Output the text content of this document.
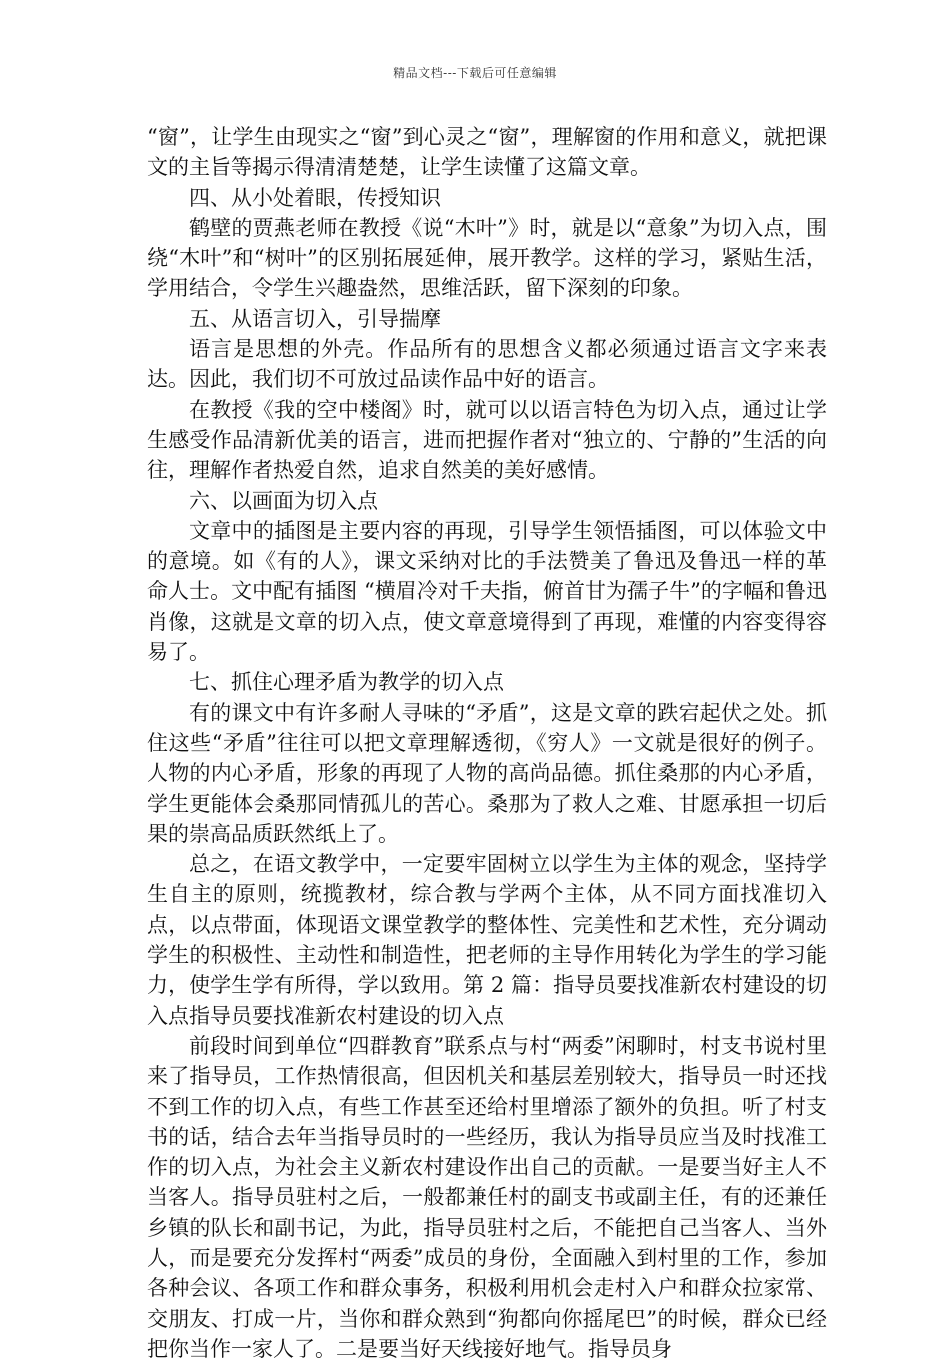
精品文档---下载后可任意编辑

“窗”，让学生由现实之“窗”到心灵之“窗”，理解窗的作用和意义，就把课文的主旨等揭示得清清楚楚，让学生读懂了这篇文章。

四、从小处着眼，传授知识

鹤壁的贾燕老师在教授《说“木叶”》时，就是以“意象”为切入点，围绕“木叶”和“树叶”的区别拓展延伸，展开教学。这样的学习，紧贴生活，学用结合，令学生兴趣盎然，思维活跃，留下深刻的印象。

五、从语言切入，引导揣摩

语言是思想的外壳。作品所有的思想含义都必须通过语言文字来表达。因此，我们切不可放过品读作品中好的语言。

在教授《我的空中楼阁》时，就可以以语言特色为切入点，通过让学生感受作品清新优美的语言，进而把握作者对“独立的、宁静的”生活的向往，理解作者热爱自然，追求自然美的美好感情。

六、以画面为切入点

文章中的插图是主要内容的再现，引导学生领悟插图，可以体验文中的意境。如《有的人》，课文采纳对比的手法赞美了鲁迅及鲁迅一样的革命人士。文中配有插图 “横眉冷对千夫指，俯首甘为孺子牛”的字幅和鲁迅肖像，这就是文章的切入点，使文章意境得到了再现，难懂的内容变得容易了。

七、抓住心理矛盾为教学的切入点

有的课文中有许多耐人寻味的“矛盾”，这是文章的跌宕起伏之处。抓住这些“矛盾”往往可以把文章理解透彻，《穷人》一文就是很好的例子。人物的内心矛盾，形象的再现了人物的高尚品德。抓住桑那的内心矛盾，学生更能体会桑那同情孤儿的苦心。桑那为了救人之难、甘愿承担一切后果的崇高品质跃然纸上了。

总之，在语文教学中，一定要牢固树立以学生为主体的观念，坚持学生自主的原则，统揽教材，综合教与学两个主体，从不同方面找准切入点，以点带面，体现语文课堂教学的整体性、完美性和艺术性，充分调动学生的积极性、主动性和制造性，把老师的主导作用转化为学生的学习能力，使学生学有所得，学以致用。第 2 篇：指导员要找准新农村建设的切入点指导员要找准新农村建设的切入点

前段时间到单位“四群教育”联系点与村“两委”闲聊时，村支书说村里来了指导员，工作热情很高，但因机关和基层差别较大，指导员一时还找不到工作的切入点，有些工作甚至还给村里增添了额外的负担。听了村支书的话，结合去年当指导员时的一些经历，我认为指导员应当及时找准工作的切入点，为社会主义新农村建设作出自己的贡献。一是要当好主人不当客人。指导员驻村之后，一般都兼任村的副支书或副主任，有的还兼任乡镇的队长和副书记，为此，指导员驻村之后，不能把自己当客人、当外人，而是要充分发挥村“两委”成员的身份，全面融入到村里的工作，参加各种会议、各项工作和群众事务，积极利用机会走村入户和群众拉家常、交朋友、打成一片，当你和群众熟到“狗都向你摇尾巴”的时候，群众已经把你当作一家人了。二是要当好天线接好地气。指导员身
